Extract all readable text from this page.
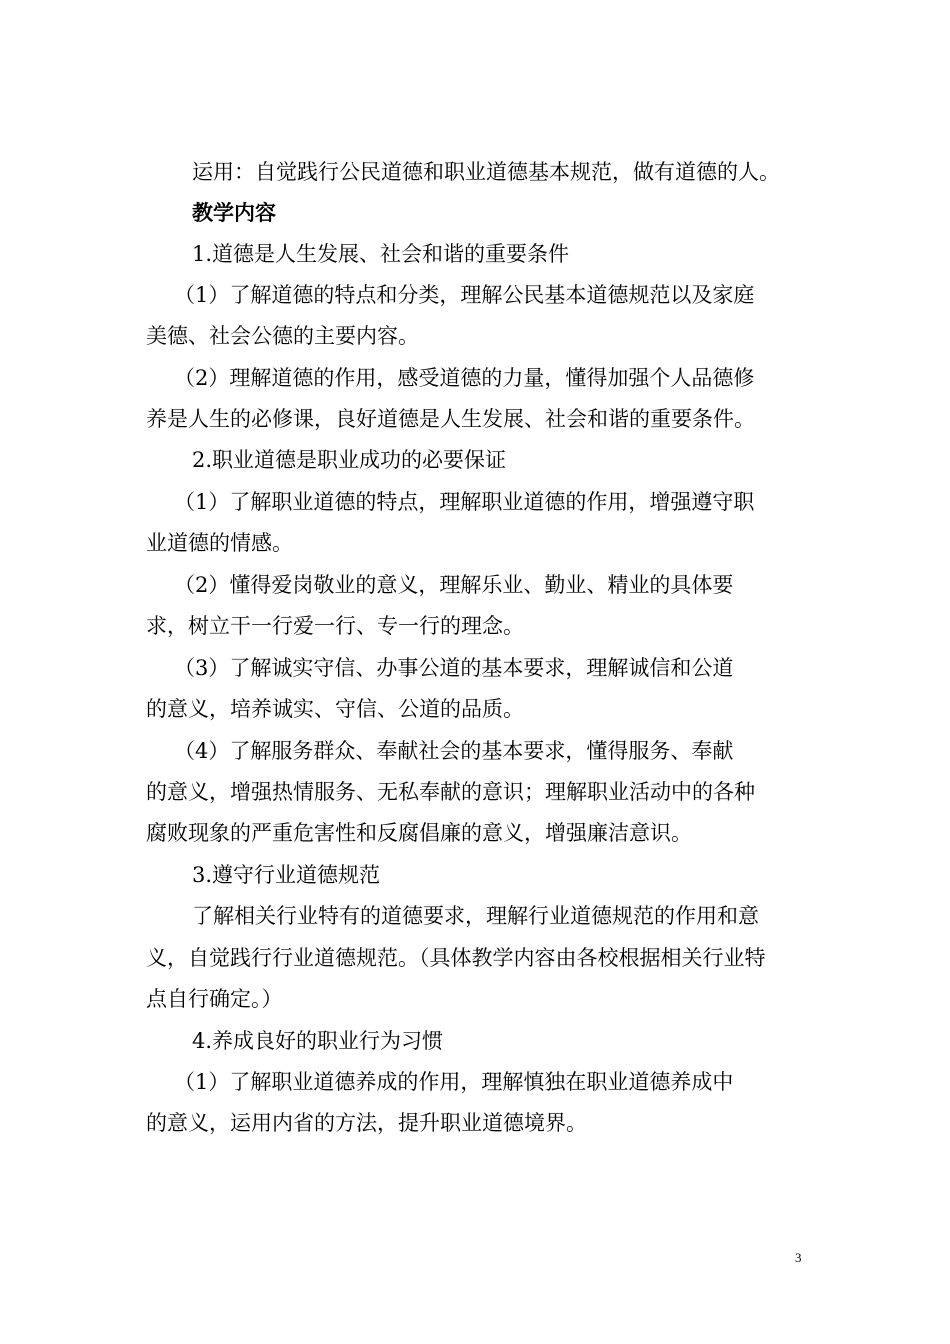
运用：自觉践行公民道德和职业道德基本规范，做有道德的人。
教学内容
1.道德是人生发展、社会和谐的重要条件
（1）了解道德的特点和分类，理解公民基本道德规范以及家庭
美德、社会公德的主要内容。
（2）理解道德的作用，感受道德的力量，懂得加强个人品德修
养是人生的必修课，良好道德是人生发展、社会和谐的重要条件。
2.职业道德是职业成功的必要保证
（1）了解职业道德的特点，理解职业道德的作用，增强遵守职
业道德的情感。
（2）懂得爱岗敬业的意义，理解乐业、勤业、精业的具体要
求，树立干一行爱一行、专一行的理念。
（3）了解诚实守信、办事公道的基本要求，理解诚信和公道
的意义，培养诚实、守信、公道的品质。
（4）了解服务群众、奉献社会的基本要求，懂得服务、奉献
的意义，增强热情服务、无私奉献的意识；理解职业活动中的各种
腐败现象的严重危害性和反腐倡廉的意义，增强廉洁意识。
3.遵守行业道德规范
了解相关行业特有的道德要求，理解行业道德规范的作用和意
义，自觉践行行业道德规范。（具体教学内容由各校根据相关行业特
点自行确定。）
4.养成良好的职业行为习惯
（1）了解职业道德养成的作用，理解慎独在职业道德养成中
的意义，运用内省的方法，提升职业道德境界。
3
